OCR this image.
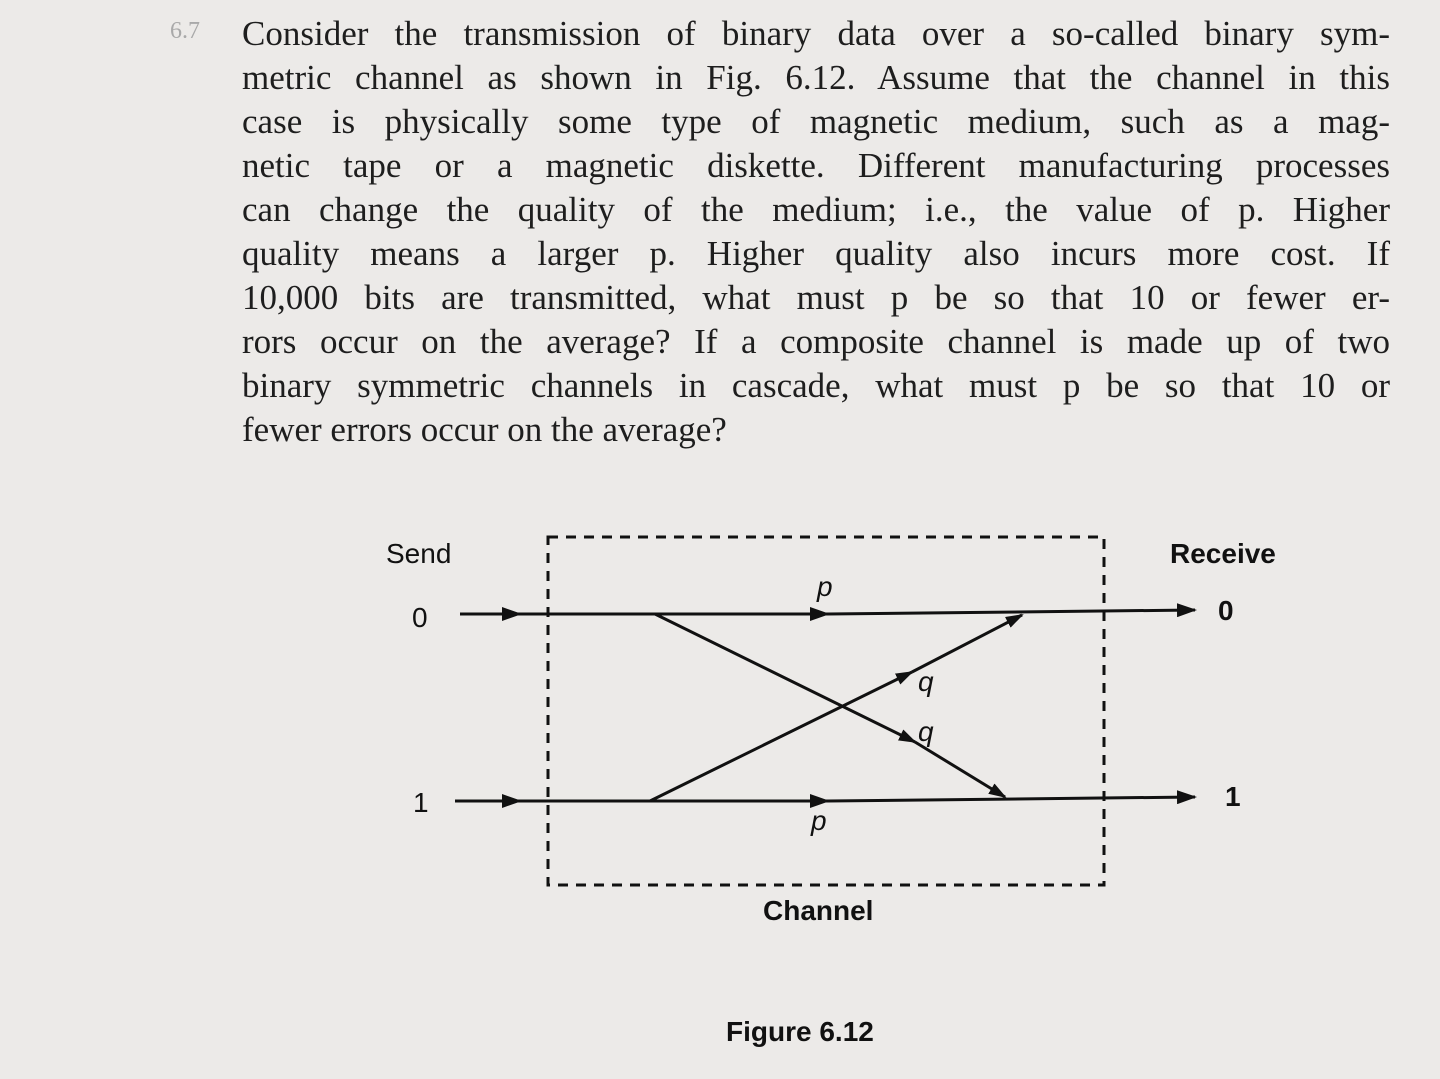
6.7 Consider the transmission of binary data over a so-called binary sym-
metric channel as shown in Fig. 6.12. Assume that the channel in this
case is physically some type of magnetic medium, such as a mag-
netic tape or a magnetic diskette. Different manufacturing processes
can change the quality of the medium; i.e., the value of p. Higher
quality means a larger p. Higher quality also incurs more cost. If
10,000 bits are transmitted, what must p be so that 10 or fewer er-
rors occur on the average? If a composite channel is made up of two
binary symmetric channels in cascade, what must p be so that 10 or
fewer errors occur on the average?
Send	Receive
0
1
0
1
p
p
q
q
Channel
Figure 6.12
